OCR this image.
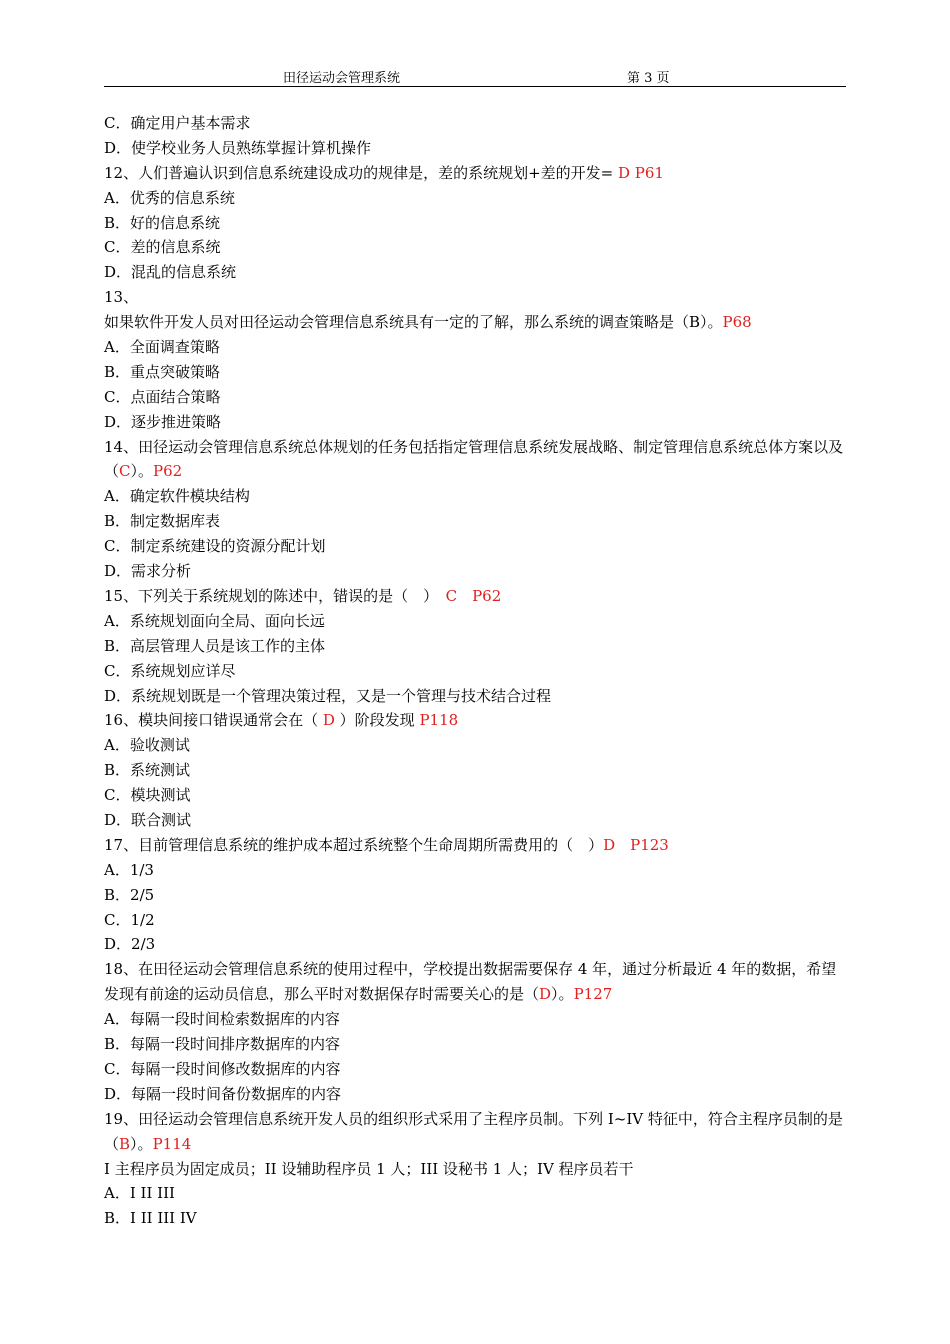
田径运动会管理系统	第 3 页
C．确定用户基本需求
D．使学校业务人员熟练掌握计算机操作
12、人们普遍认识到信息系统建设成功的规律是，差的系统规划+差的开发= D P61
A．优秀的信息系统
B．好的信息系统
C．差的信息系统
D．混乱的信息系统
13、
如果软件开发人员对田径运动会管理信息系统具有一定的了解，那么系统的调查策略是（B）。P68
A．全面调查策略
B．重点突破策略
C．点面结合策略
D．逐步推进策略
14、田径运动会管理信息系统总体规划的任务包括指定管理信息系统发展战略、制定管理信息系统总体方案以及（C）。P62
A．确定软件模块结构
B．制定数据库表
C．制定系统建设的资源分配计划
D．需求分析
15、下列关于系统规划的陈述中，错误的是（　）　C　P62
A．系统规划面向全局、面向长远
B．高层管理人员是该工作的主体
C．系统规划应详尽
D．系统规划既是一个管理决策过程，又是一个管理与技术结合过程
16、模块间接口错误通常会在（ D ）阶段发现 P118
A．验收测试
B．系统测试
C．模块测试
D．联合测试
17、目前管理信息系统的维护成本超过系统整个生命周期所需费用的（　）D　P123
A．1/3
B．2/5
C．1/2
D．2/3
18、在田径运动会管理信息系统的使用过程中，学校提出数据需要保存 4 年，通过分析最近 4 年的数据，希望发现有前途的运动员信息，那么平时对数据保存时需要关心的是（D）。P127
A．每隔一段时间检索数据库的内容
B．每隔一段时间排序数据库的内容
C．每隔一段时间修改数据库的内容
D．每隔一段时间备份数据库的内容
19、田径运动会管理信息系统开发人员的组织形式采用了主程序员制。下列 I~IV 特征中，符合主程序员制的是（B）。P114
I 主程序员为固定成员；II 设辅助程序员 1 人；III 设秘书 1 人；IV 程序员若干
A．I II III
B．I II III IV
